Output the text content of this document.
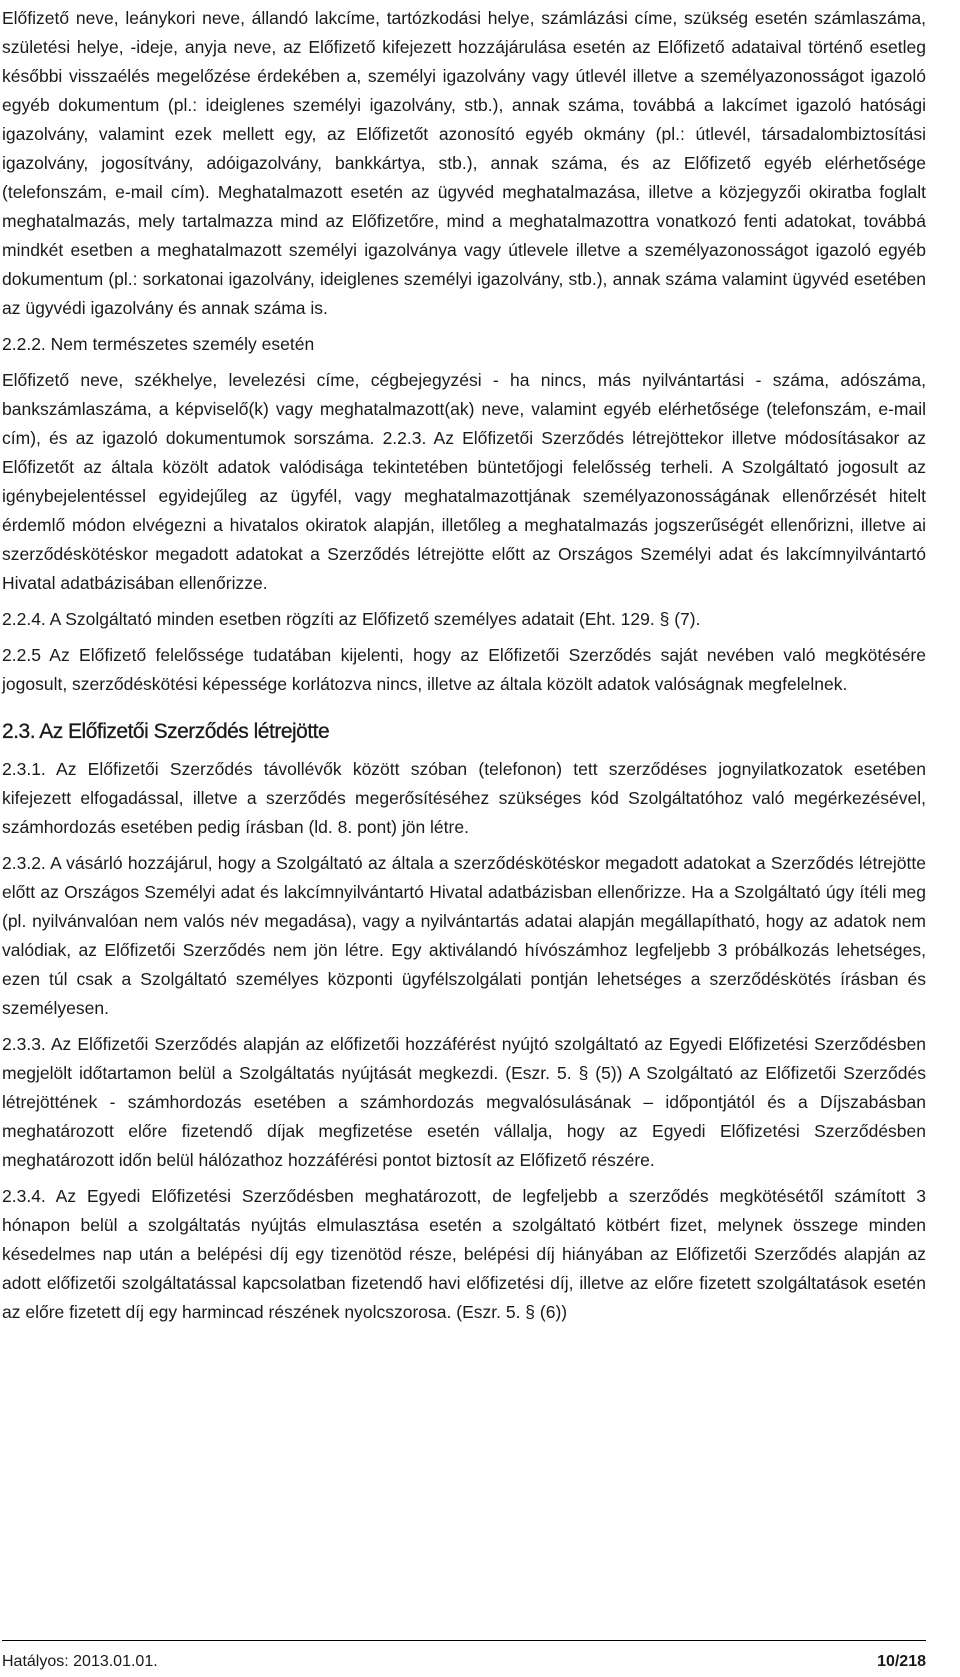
Előfizető neve, leánykori neve, állandó lakcíme, tartózkodási helye, számlázási címe, szükség esetén számlaszáma, születési helye, -ideje, anyja neve, az Előfizető kifejezett hozzájárulása esetén az Előfizető adataival történő esetleg későbbi visszaélés megelőzése érdekében a, személyi igazolvány vagy útlevél illetve a személyazonosságot igazoló egyéb dokumentum (pl.: ideiglenes személyi igazolvány, stb.), annak száma, továbbá a lakcímet igazoló hatósági igazolvány, valamint ezek mellett egy, az Előfizetőt azonosító egyéb okmány (pl.: útlevél, társadalombiztosítási igazolvány, jogosítvány, adóigazolvány, bankkártya, stb.), annak száma, és az Előfizető egyéb elérhetősége (telefonszám, e-mail cím). Meghatalmazott esetén az ügyvéd meghatalmazása, illetve a közjegyzői okiratba foglalt meghatalmazás, mely tartalmazza mind az Előfizetőre, mind a meghatalmazottra vonatkozó fenti adatokat, továbbá mindkét esetben a meghatalmazott személyi igazolványa vagy útlevele illetve a személyazonosságot igazoló egyéb dokumentum (pl.: sorkatonai igazolvány, ideiglenes személyi igazolvány, stb.), annak száma valamint ügyvéd esetében az ügyvédi igazolvány és annak száma is.

2.2.2. Nem természetes személy esetén

Előfizető neve, székhelye, levelezési címe, cégbejegyzési - ha nincs, más nyilvántartási - száma, adószáma, bankszámlaszáma, a képviselő(k) vagy meghatalmazott(ak) neve, valamint egyéb elérhetősége (telefonszám, e-mail cím), és az igazoló dokumentumok sorszáma. 2.2.3. Az Előfizetői Szerződés létrejöttekor illetve módosításakor az Előfizetőt az általa közölt adatok valódisága tekintetében büntetőjogi felelősség terheli. A Szolgáltató jogosult az igénybejelentéssel egyidejűleg az ügyfél, vagy meghatalmazottjának személyazonosságának ellenőrzését hitelt érdemlő módon elvégezni a hivatalos okiratok alapján, illetőleg a meghatalmazás jogszerűségét ellenőrizni, illetve ai szerződéskötéskor megadott adatokat a Szerződés létrejötte előtt az Országos Személyi adat és lakcímnyilvántartó Hivatal adatbázisában ellenőrizze.

2.2.4. A Szolgáltató minden esetben rögzíti az Előfizető személyes adatait (Eht. 129. § (7).

2.2.5 Az Előfizető felelőssége tudatában kijelenti, hogy az Előfizetői Szerződés saját nevében való megkötésére jogosult, szerződéskötési képessége korlátozva nincs, illetve az általa közölt adatok valóságnak megfelelnek.

2.3. Az Előfizetői Szerződés létrejötte

2.3.1. Az Előfizetői Szerződés távollévők között szóban (telefonon) tett szerződéses jognyilatkozatok esetében kifejezett elfogadással, illetve a szerződés megerősítéséhez szükséges kód Szolgáltatóhoz való megérkezésével, számhordozás esetében pedig írásban (ld. 8. pont) jön létre.

2.3.2. A vásárló hozzájárul, hogy a Szolgáltató az általa a szerződéskötéskor megadott adatokat a Szerződés létrejötte előtt az Országos Személyi adat és lakcímnyilvántartó Hivatal adatbázisban ellenőrizze. Ha a Szolgáltató úgy ítéli meg (pl. nyilvánvalóan nem valós név megadása), vagy a nyilvántartás adatai alapján megállapítható, hogy az adatok nem valódiak, az Előfizetői Szerződés nem jön létre. Egy aktiválandó hívószámhoz legfeljebb 3 próbálkozás lehetséges, ezen túl csak a Szolgáltató személyes központi ügyfélszolgálati pontján lehetséges a szerződéskötés írásban és személyesen.

2.3.3. Az Előfizetői Szerződés alapján az előfizetői hozzáférést nyújtó szolgáltató az Egyedi Előfizetési Szerződésben megjelölt időtartamon belül a Szolgáltatás nyújtását megkezdi. (Eszr. 5. § (5)) A Szolgáltató az Előfizetői Szerződés létrejöttének - számhordozás esetében a számhordozás megvalósulásának – időpontjától és a Díjszabásban meghatározott előre fizetendő díjak megfizetése esetén vállalja, hogy az Egyedi Előfizetési Szerződésben meghatározott időn belül hálózathoz hozzáférési pontot biztosít az Előfizető részére.

2.3.4. Az Egyedi Előfizetési Szerződésben meghatározott, de legfeljebb a szerződés megkötésétől számított 3 hónapon belül a szolgáltatás nyújtás elmulasztása esetén a szolgáltató kötbért fizet, melynek összege minden késedelmes nap után a belépési díj egy tizenötöd része, belépési díj hiányában az Előfizetői Szerződés alapján az adott előfizetői szolgáltatással kapcsolatban fizetendő havi előfizetési díj, illetve az előre fizetett szolgáltatások esetén az előre fizetett díj egy harmincad részének nyolcszorosa. (Eszr. 5. § (6))

Hatályos: 2013.01.01.	10/218
